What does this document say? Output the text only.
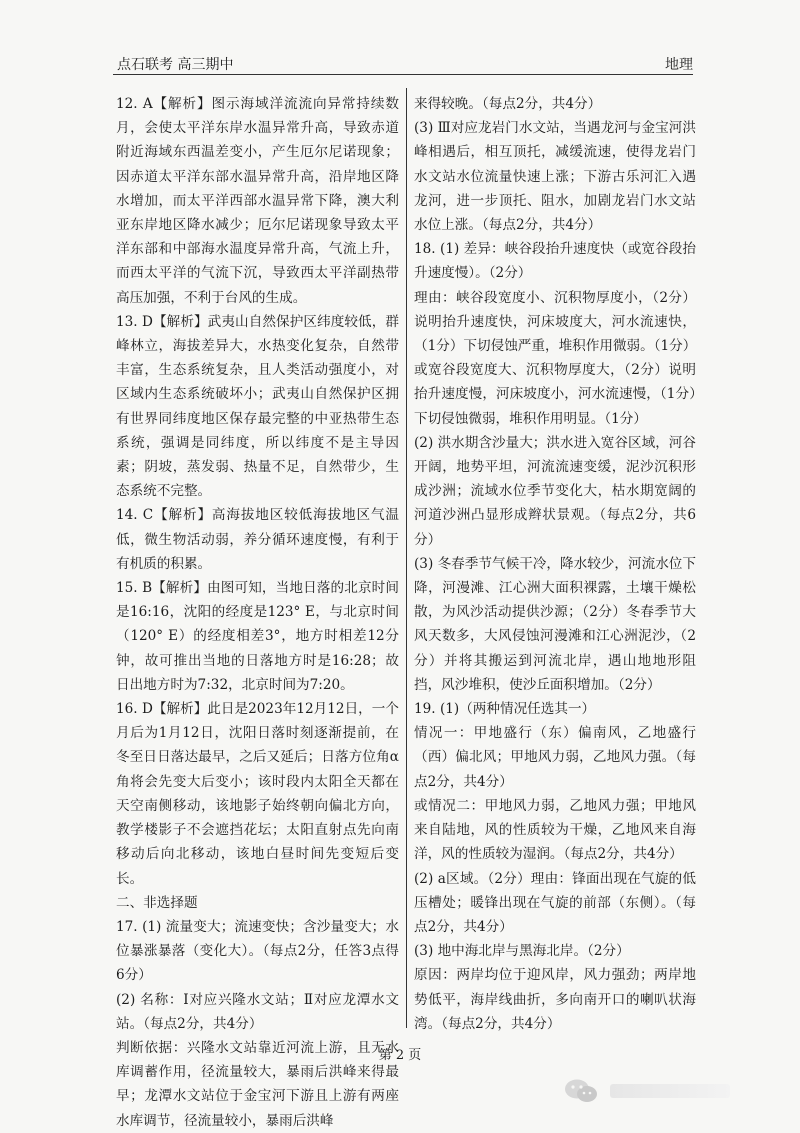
点石联考 高三期中	地理

12. A【解析】图示海域洋流流向异常持续数月，会使太平洋东岸水温异常升高，导致赤道附近海域东西温差变小，产生厄尔尼诺现象；因赤道太平洋东部水温异常升高，沿岸地区降水增加，而太平洋西部水温异常下降，澳大利亚东岸地区降水减少；厄尔尼诺现象导致太平洋东部和中部海水温度异常升高，气流上升，而西太平洋的气流下沉，导致西太平洋副热带高压加强，不利于台风的生成。

13. D【解析】武夷山自然保护区纬度较低，群峰林立，海拔差异大，水热变化复杂，自然带丰富，生态系统复杂，且人类活动强度小，对区域内生态系统破坏小；武夷山自然保护区拥有世界同纬度地区保存最完整的中亚热带生态系统，强调是同纬度，所以纬度不是主导因素；阴坡，蒸发弱、热量不足，自然带少，生态系统不完整。

14. C【解析】高海拔地区较低海拔地区气温低，微生物活动弱，养分循环速度慢，有利于有机质的积累。

15. B【解析】由图可知，当地日落的北京时间是16:16，沈阳的经度是123° E，与北京时间（120° E）的经度相差3°，地方时相差12分钟，故可推出当地的日落地方时是16:28；故日出地方时为7:32，北京时间为7:20。

16. D【解析】此日是2023年12月12日，一个月后为1月12日，沈阳日落时刻逐渐提前，在冬至日日落达最早，之后又延后；日落方位角α角将会先变大后变小；该时段内太阳全天都在天空南侧移动，该地影子始终朝向偏北方向，教学楼影子不会遮挡花坛；太阳直射点先向南移动后向北移动，该地白昼时间先变短后变长。

二、非选择题

17. (1) 流量变大；流速变快；含沙量变大；水位暴涨暴落（变化大）。（每点2分，任答3点得6分）

(2) 名称：Ⅰ对应兴隆水文站；Ⅱ对应龙潭水文站。（每点2分，共4分）

判断依据：兴隆水文站靠近河流上游，且无水库调蓄作用，径流量较大，暴雨后洪峰来得最早；龙潭水文站位于金宝河下游且上游有两座水库调节，径流量较小，暴雨后洪峰

来得较晚。（每点2分，共4分）

(3) Ⅲ对应龙岩门水文站，当遇龙河与金宝河洪峰相遇后，相互顶托，减缓流速，使得龙岩门水文站水位流量快速上涨；下游古乐河汇入遇龙河，进一步顶托、阻水，加剧龙岩门水文站水位上涨。（每点2分，共4分）

18. (1) 差异：峡谷段抬升速度快（或宽谷段抬升速度慢）。（2分）

理由：峡谷段宽度小、沉积物厚度小，（2分）说明抬升速度快，河床坡度大，河水流速快，（1分）下切侵蚀严重，堆积作用微弱。（1分）

或宽谷段宽度大、沉积物厚度大，（2分）说明抬升速度慢，河床坡度小，河水流速慢，（1分）下切侵蚀微弱，堆积作用明显。（1分）

(2) 洪水期含沙量大；洪水进入宽谷区域，河谷开阔，地势平坦，河流流速变缓，泥沙沉积形成沙洲；流域水位季节变化大，枯水期宽阔的河道沙洲凸显形成辫状景观。（每点2分，共6分）

(3) 冬春季节气候干冷，降水较少，河流水位下降，河漫滩、江心洲大面积裸露，土壤干燥松散，为风沙活动提供沙源；（2分）冬春季节大风天数多，大风侵蚀河漫滩和江心洲泥沙，（2分）并将其搬运到河流北岸，遇山地地形阻挡，风沙堆积，使沙丘面积增加。（2分）

19. (1)（两种情况任选其一）

情况一：甲地盛行（东）偏南风，乙地盛行（西）偏北风；甲地风力弱，乙地风力强。（每点2分，共4分）

或情况二：甲地风力弱，乙地风力强；甲地风来自陆地，风的性质较为干燥，乙地风来自海洋，风的性质较为湿润。（每点2分，共4分）

(2) a区域。（2分）理由：锋面出现在气旋的低压槽处；暖锋出现在气旋的前部（东侧）。（每点2分，共4分）

(3) 地中海北岸与黑海北岸。（2分）

原因：两岸均位于迎风岸，风力强劲；两岸地势低平，海岸线曲折，多向南开口的喇叭状海湾。（每点2分，共4分）

第 2 页
